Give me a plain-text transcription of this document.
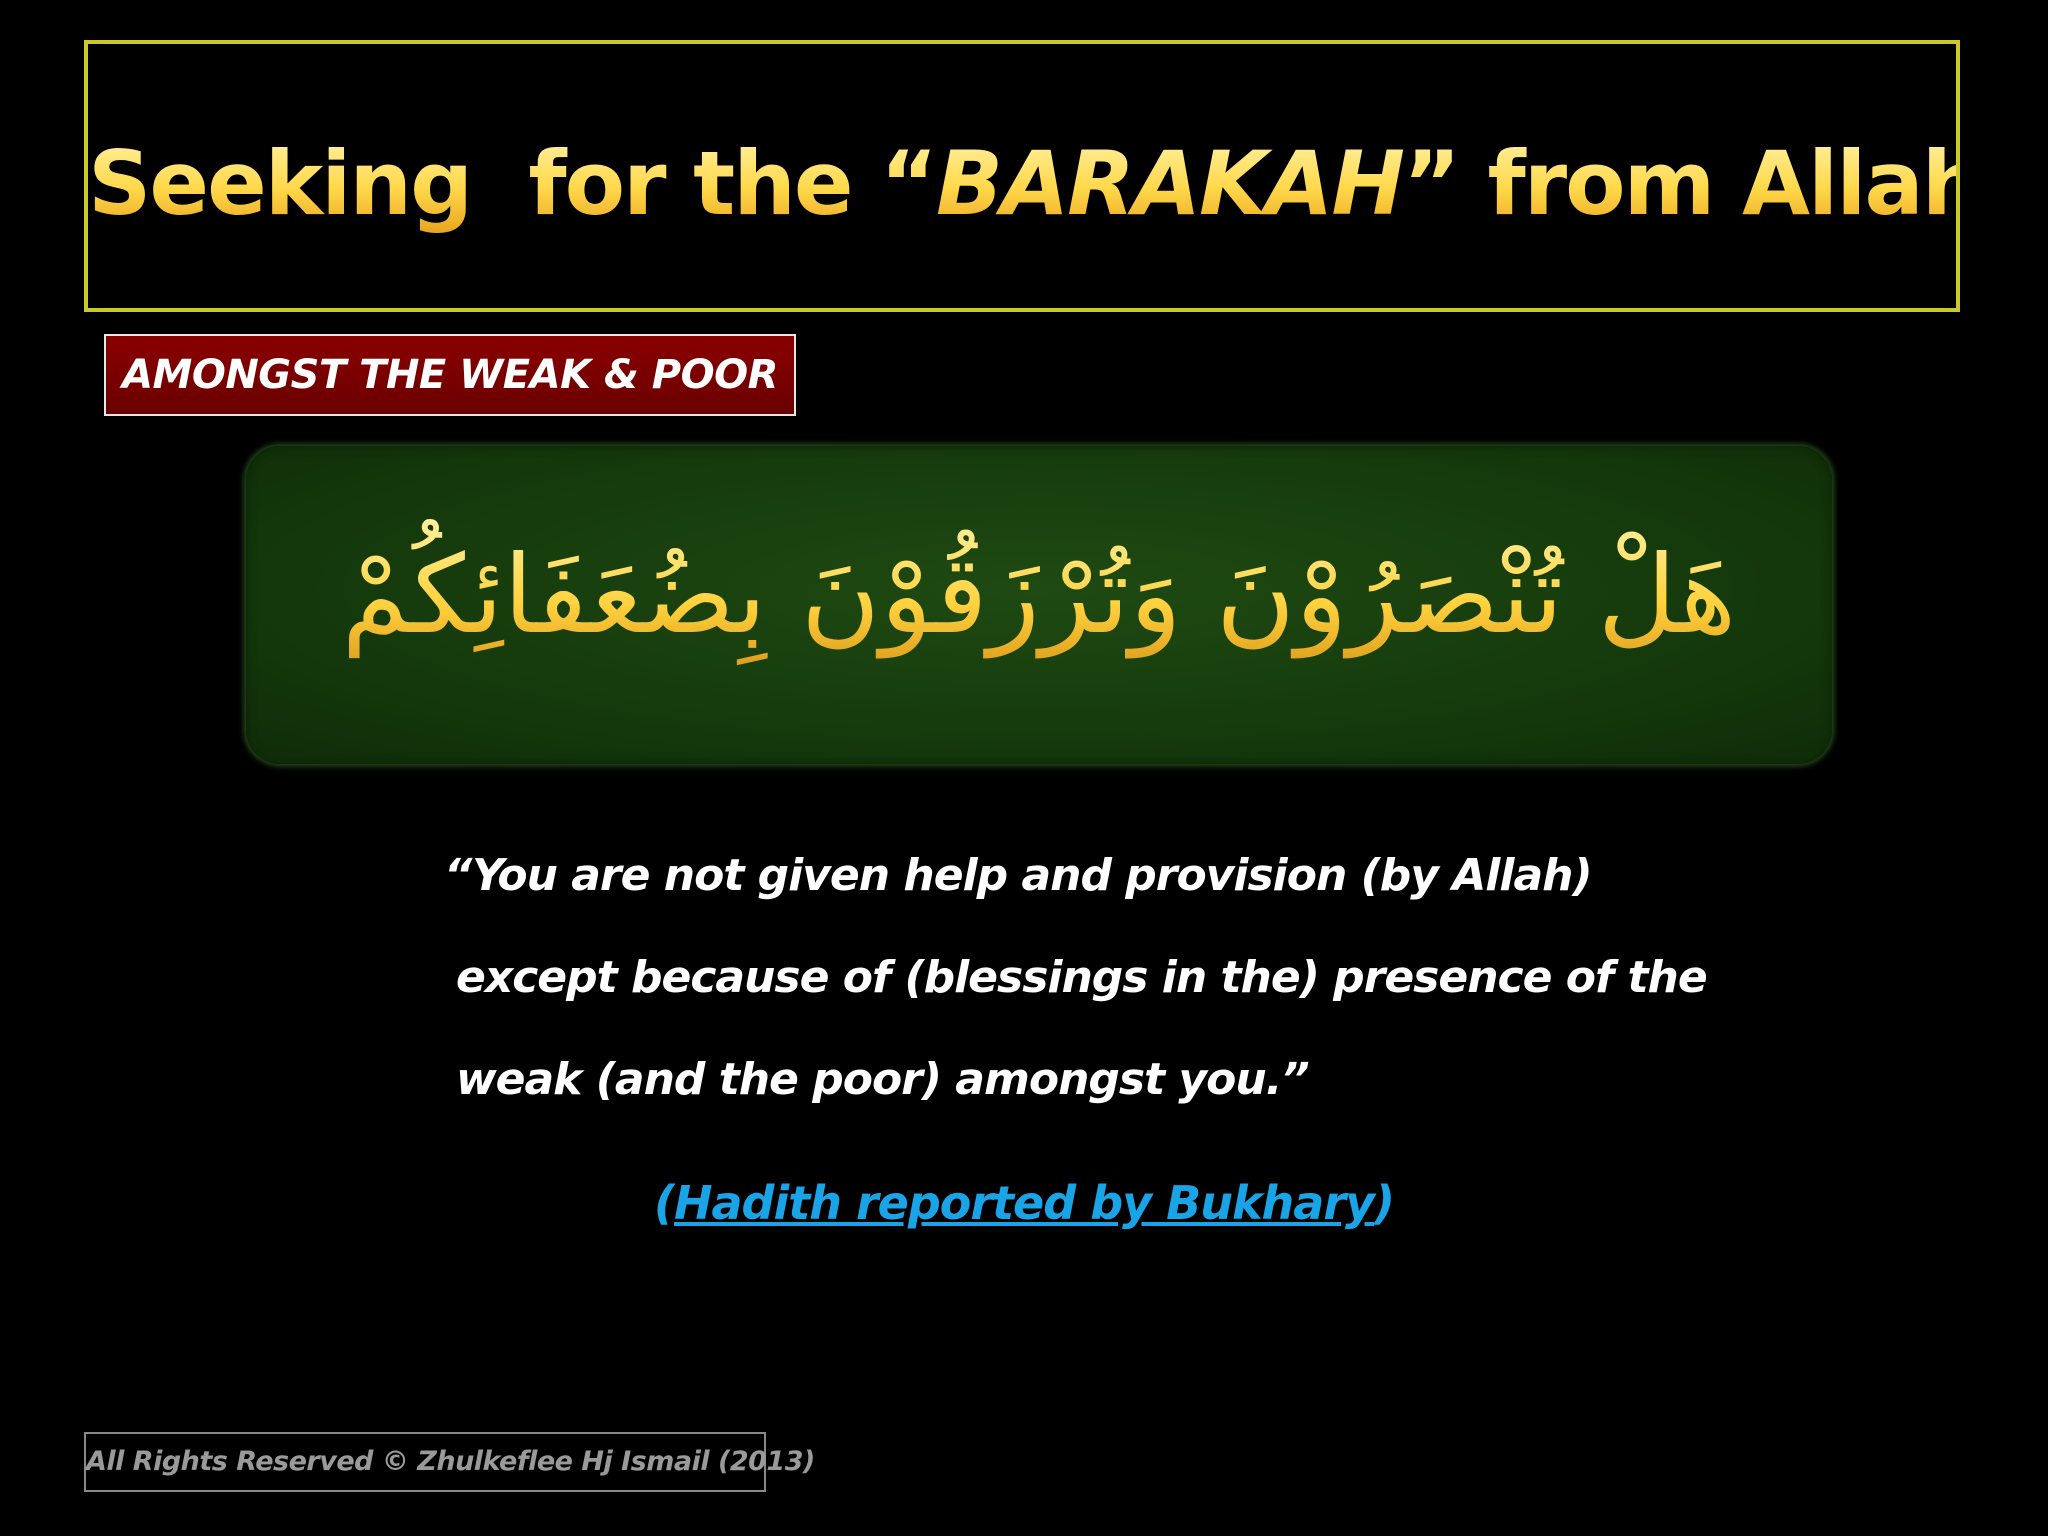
Seeking  for the “BARAKAH” from Allah
AMONGST THE WEAK & POOR
هَلْ تُنْصَرُوْنَ وَتُرْزَقُوْنَ بِضُعَفَائِكُمْ
“You are not given help and provision (by Allah)
except because of (blessings in the) presence of the
weak (and the poor) amongst you.”
(Hadith reported by Bukhary)
All Rights Reserved © Zhulkeflee Hj Ismail (2013)
